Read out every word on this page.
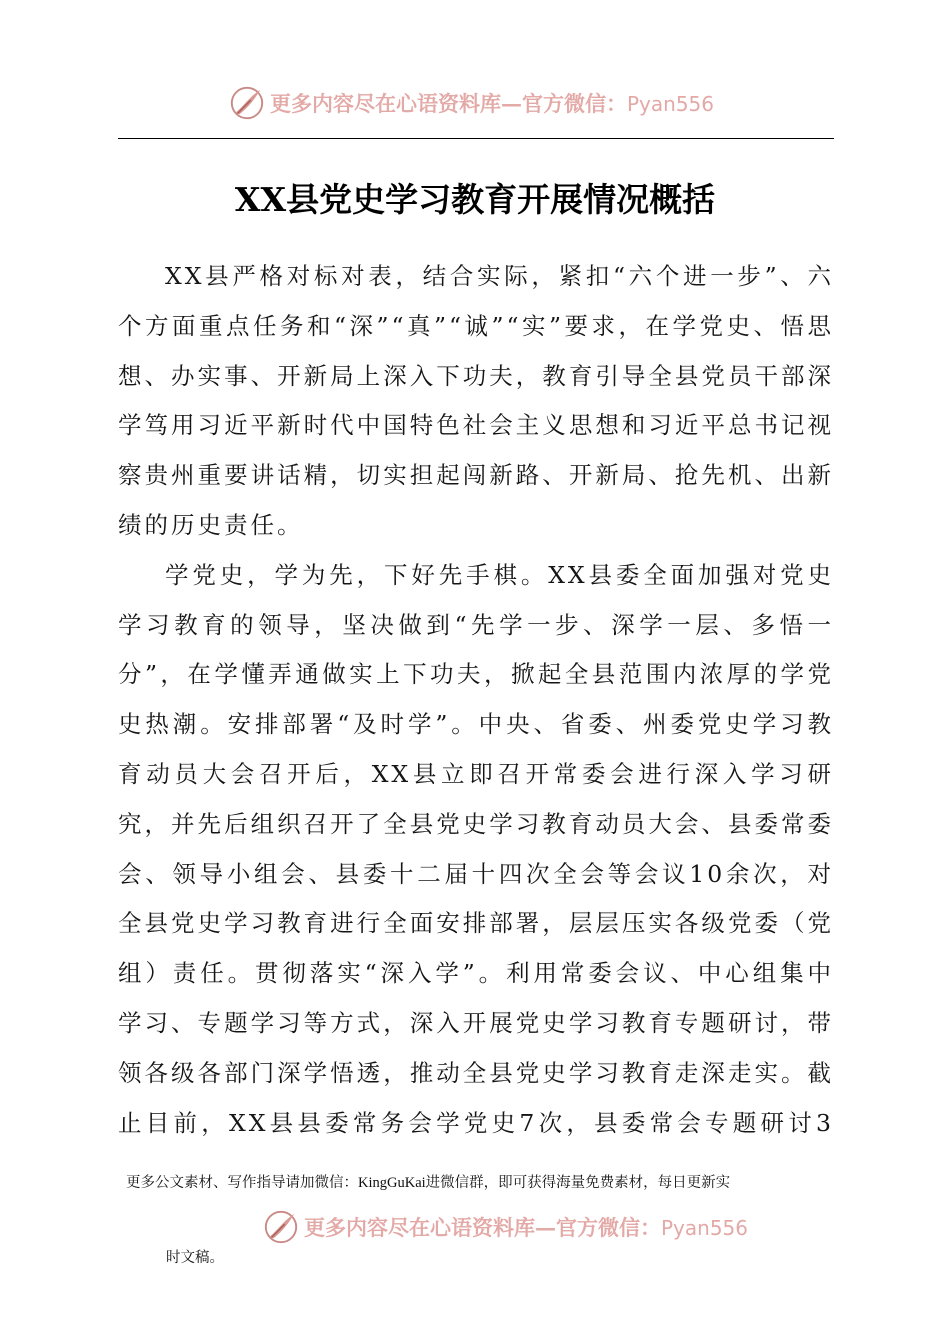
更多内容尽在心语资料库—官方微信：Pyan556
XX县党史学习教育开展情况概括

XX县严格对标对表，结合实际，紧扣“六个进一步”、六个方面重点任务和“深”“真”“诚”“实”要求，在学党史、悟思想、办实事、开新局上深入下功夫，教育引导全县党员干部深学笃用习近平新时代中国特色社会主义思想和习近平总书记视察贵州重要讲话精，切实担起闯新路、开新局、抢先机、出新绩的历史责任。

学党史，学为先，下好先手棋。XX县委全面加强对党史学习教育的领导，坚决做到“先学一步、深学一层、多悟一分”，在学懂弄通做实上下功夫，掀起全县范围内浓厚的学党史热潮。安排部署“及时学”。中央、省委、州委党史学习教育动员大会召开后，XX县立即召开常委会进行深入学习研究，并先后组织召开了全县党史学习教育动员大会、县委常委会、领导小组会、县委十二届十四次全会等会议10余次，对全县党史学习教育进行全面安排部署，层层压实各级党委（党组）责任。贯彻落实“深入学”。利用常委会议、中心组集中学习、专题学习等方式，深入开展党史学习教育专题研讨，带领各级各部门深学悟透，推动全县党史学习教育走深走实。截止目前，XX县县委常务会学党史7次，县委常会专题研讨3

更多公文素材、写作指导请加微信：KingGuKai进微信群，即可获得海量免费素材，每日更新实
更多内容尽在心语资料库—官方微信：Pyan556
时文稿。
